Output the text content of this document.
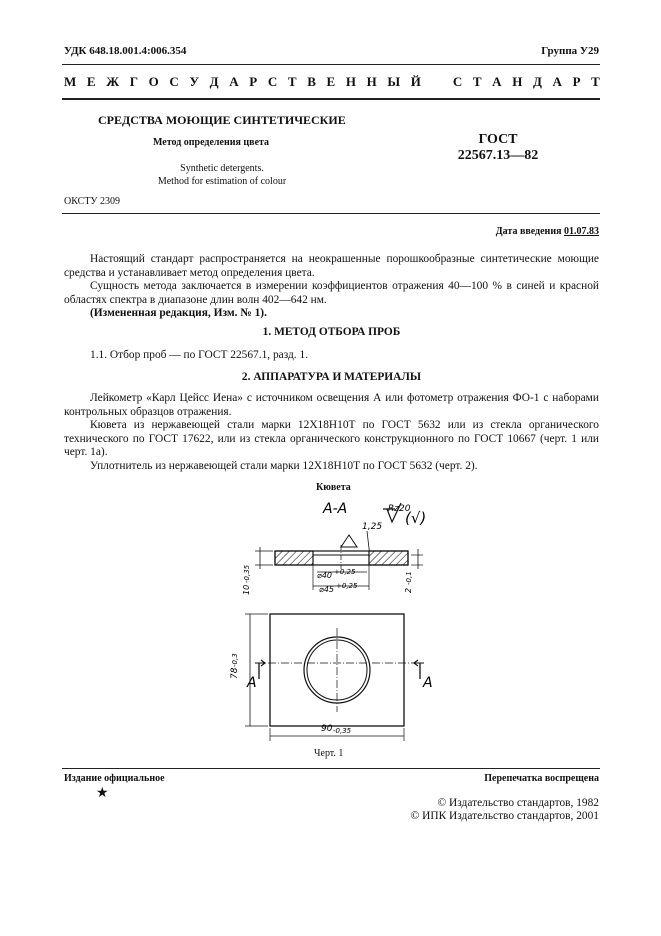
УДК 648.18.001.4:006.354	Группа У29
М Е Ж Г О С У Д А Р С Т В Е Н Н Ы Й С Т А Н Д А Р Т
СРЕДСТВА МОЮЩИЕ СИНТЕТИЧЕСКИЕ
Метод определения цвета
Synthetic detergents.
Method for estimation of colour
ГОСТ
22567.13—82
ОКСТУ 2309
Дата введения 01.07.83

Настоящий стандарт распространяется на неокрашенные порошкообразные синтетические моющие средства и устанавливает метод определения цвета.

Сущность метода заключается в измерении коэффициентов отражения 40—100 % в синей и красной областях спектра в диапазоне длин волн 402—642 нм.

(Измененная редакция, Изм. № 1).

1. МЕТОД ОТБОРА ПРОБ

1.1. Отбор проб — по ГОСТ 22567.1, разд. 1.

2. АППАРАТУРА И МАТЕРИАЛЫ

Лейкометр «Карл Цейсс Иена» с источником освещения А или фотометр отражения ФО-1 с наборами контрольных образцов отражения.

Кювета из нержавеющей стали марки 12Х18Н10Т по ГОСТ 5632 или из стекла органического технического по ГОСТ 17622, или из стекла органического конструкционного по ГОСТ 10667 (черт. 1 или черт. 1а).

Уплотнитель из нержавеющей стали марки 12Х18Н10Т по ГОСТ 5632 (черт. 2).

Кювета
А-А	Rz20
(√)
1,25
⌀40 +0,25
⌀45 +0,25
10
-0,35
2
-0,1
А	А
78
-0,3
90 -0,35
Черт. 1
Издание официальное	Перепечатка воспрещена
★
© Издательство стандартов, 1982
© ИПК Издательство стандартов, 2001
